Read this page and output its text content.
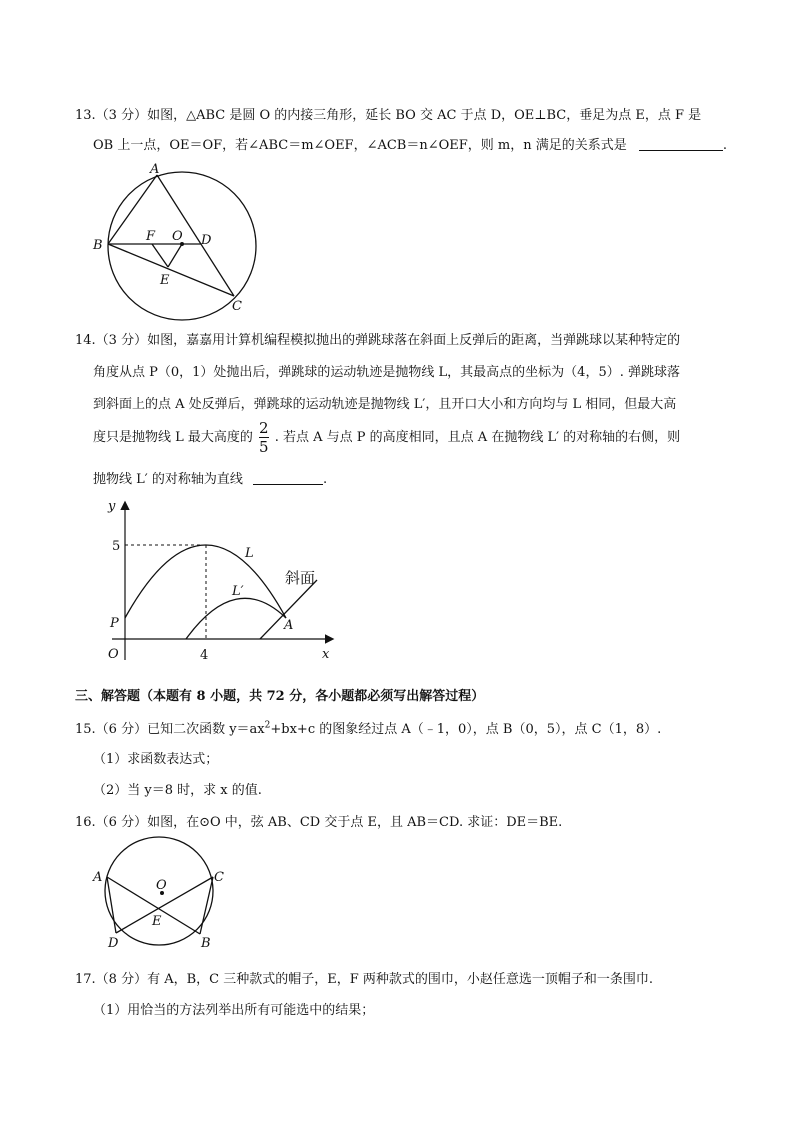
13.（3 分）如图，△ABC 是圆 O 的内接三角形，延长 BO 交 AC 于点 D，OE⊥BC，垂足为点 E，点 F 是
OB 上一点，OE＝OF，若∠ABC＝m∠OEF，∠ACB＝n∠OEF，则 m，n 满足的关系式是	.
A
B
C
D
E
F O
14.（3 分）如图，嘉嘉用计算机编程模拟抛出的弹跳球落在斜面上反弹后的距离，当弹跳球以某种特定的
角度从点 P（0，1）处抛出后，弹跳球的运动轨迹是抛物线 L，其最高点的坐标为（4，5）. 弹跳球落
到斜面上的点 A 处反弹后，弹跳球的运动轨迹是抛物线 L′，且开口大小和方向均与 L 相同，但最大高
度只是抛物线 L 最大高度的 $\frac{2}{5}$ . 若点 A 与点 P 的高度相同，且点 A 在抛物线 L′ 的对称轴的右侧，则
抛物线 L′ 的对称轴为直线	.
y
x
O
5
4
P	A
L
L′
斜面
三、解答题（本题有 8 小题，共 72 分，各小题都必须写出解答过程）
15.（6 分）已知二次函数 $y=ax^2+bx+c$ 的图象经过点 A（﹣1，0），点 B（0，5），点 C（1，8）.
（1）求函数表达式；
（2）当 y＝8 时，求 x 的值.
16.（6 分）如图，在⊙O 中，弦 AB、CD 交于点 E，且 AB＝CD. 求证：DE＝BE.
A
B
C
D
E
O
17.（8 分）有 A，B，C 三种款式的帽子，E，F 两种款式的围巾，小赵任意选一顶帽子和一条围巾.
（1）用恰当的方法列举出所有可能选中的结果；
